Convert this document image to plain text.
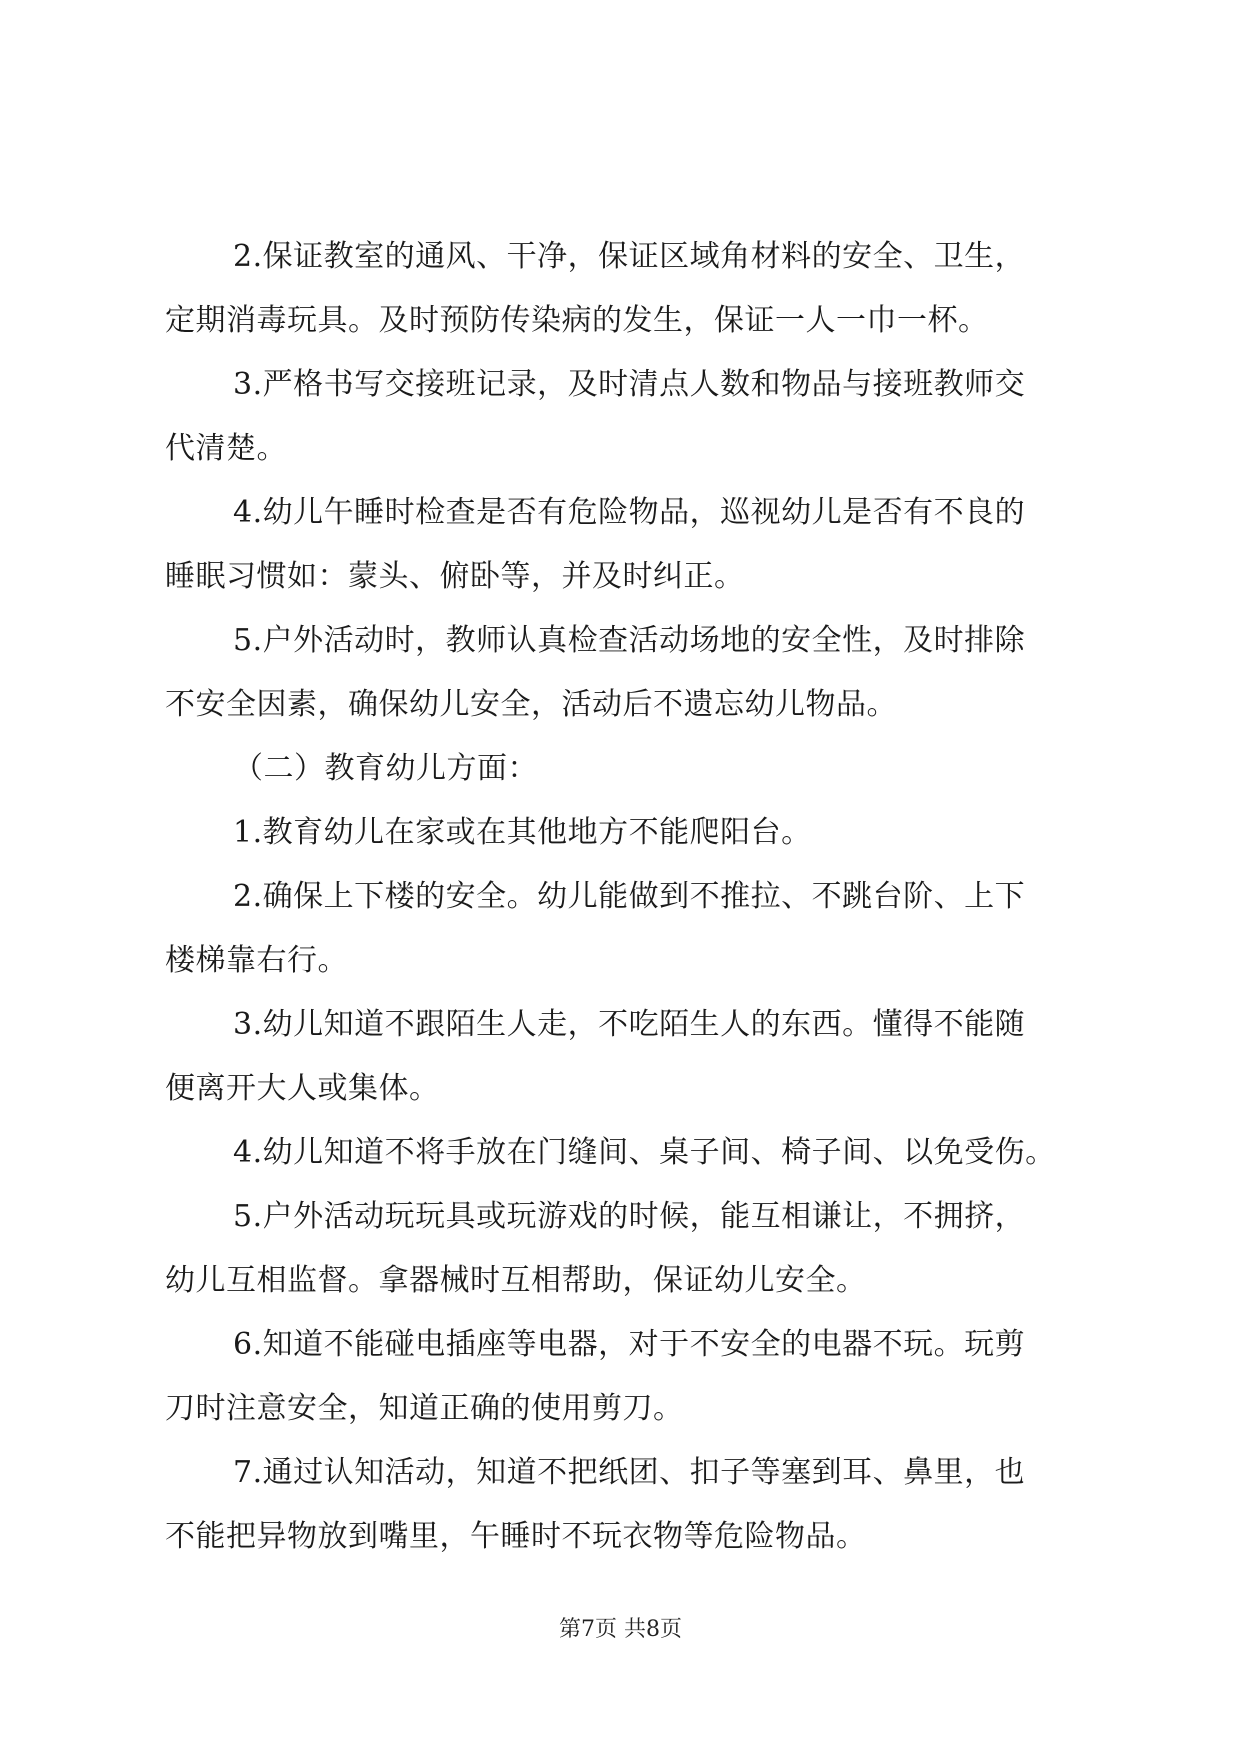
2.保证教室的通风、干净，保证区域角材料的安全、卫生，
定期消毒玩具。及时预防传染病的发生，保证一人一巾一杯。
3.严格书写交接班记录，及时清点人数和物品与接班教师交
代清楚。
4.幼儿午睡时检查是否有危险物品，巡视幼儿是否有不良的
睡眠习惯如：蒙头、俯卧等，并及时纠正。
5.户外活动时，教师认真检查活动场地的安全性，及时排除
不安全因素，确保幼儿安全，活动后不遗忘幼儿物品。
（二）教育幼儿方面：
1.教育幼儿在家或在其他地方不能爬阳台。
2.确保上下楼的安全。幼儿能做到不推拉、不跳台阶、上下
楼梯靠右行。
3.幼儿知道不跟陌生人走，不吃陌生人的东西。懂得不能随
便离开大人或集体。
4.幼儿知道不将手放在门缝间、桌子间、椅子间、以免受伤。
5.户外活动玩玩具或玩游戏的时候，能互相谦让，不拥挤，
幼儿互相监督。拿器械时互相帮助，保证幼儿安全。
6.知道不能碰电插座等电器，对于不安全的电器不玩。玩剪
刀时注意安全，知道正确的使用剪刀。
7.通过认知活动，知道不把纸团、扣子等塞到耳、鼻里，也
不能把异物放到嘴里，午睡时不玩衣物等危险物品。
第7页 共8页
